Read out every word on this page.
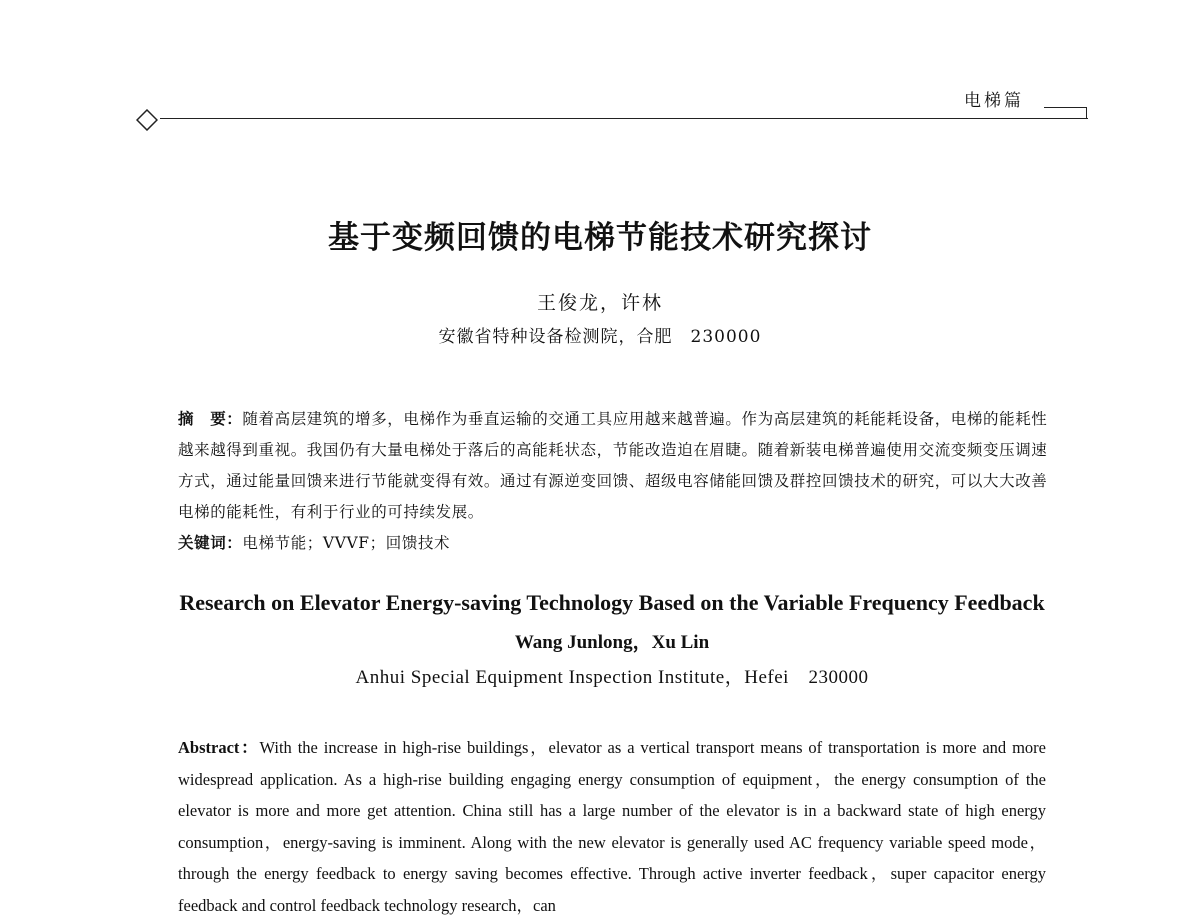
电梯篇
基于变频回馈的电梯节能技术研究探讨
王俊龙，许林
安徽省特种设备检测院，合肥　230000
摘　要：随着高层建筑的增多，电梯作为垂直运输的交通工具应用越来越普遍。作为高层建筑的耗能耗设备，电梯的能耗性越来越得到重视。我国仍有大量电梯处于落后的高能耗状态，节能改造迫在眉睫。随着新装电梯普遍使用交流变频变压调速方式，通过能量回馈来进行节能就变得有效。通过有源逆变回馈、超级电容储能回馈及群控回馈技术的研究，可以大大改善电梯的能耗性，有利于行业的可持续发展。
关键词：电梯节能；VVVF；回馈技术
Research on Elevator Energy-saving Technology Based on the Variable Frequency Feedback
Wang Junlong，Xu Lin
Anhui Special Equipment Inspection Institute，Hefei　230000
Abstract：With the increase in high-rise buildings，elevator as a vertical transport means of transportation is more and more widespread application. As a high-rise building engaging energy consumption of equipment，the energy consumption of the elevator is more and more get attention. China still has a large number of the elevator is in a backward state of high energy consumption，energy-saving is imminent. Along with the new elevator is generally used AC frequency variable speed mode，through the energy feedback to energy saving becomes effective. Through active inverter feedback，super capacitor energy feedback and control feedback technology research，can
